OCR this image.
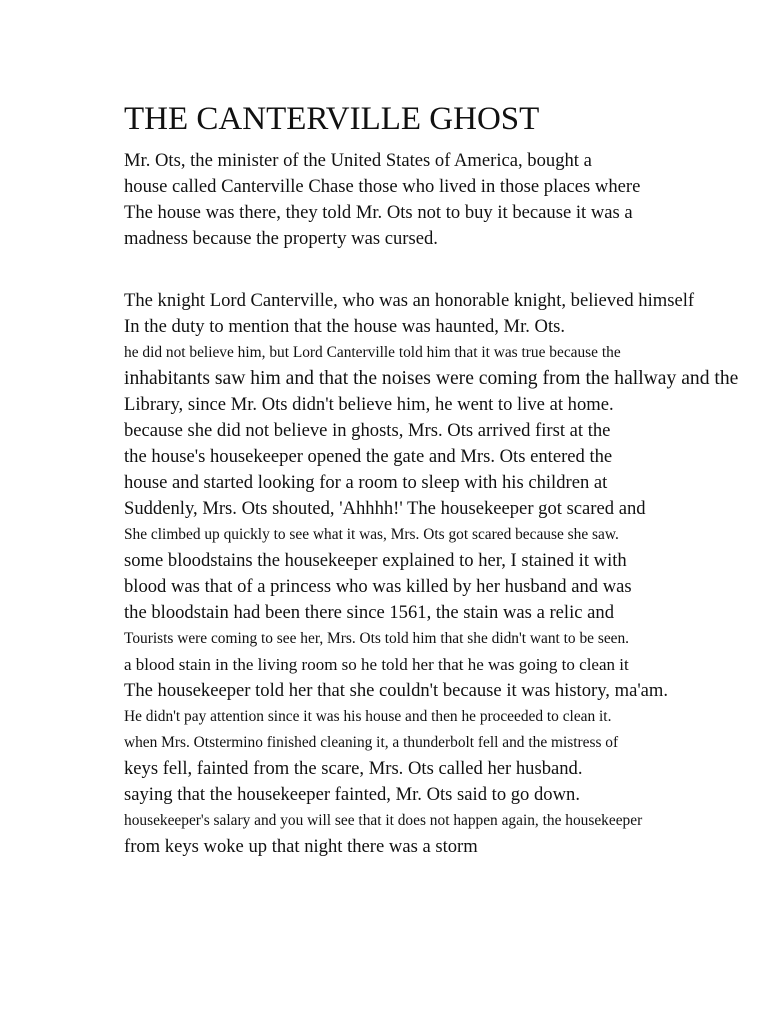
THE CANTERVILLE GHOST
Mr. Ots, the minister of the United States of America, bought a
house called Canterville Chase those who lived in those places where
The house was there, they told Mr. Ots not to buy it because it was a
madness because the property was cursed.
The knight Lord Canterville, who was an honorable knight, believed himself
In the duty to mention that the house was haunted, Mr. Ots.
he did not believe him, but Lord Canterville told him that it was true because the
inhabitants saw him and that the noises were coming from the hallway and the
Library, since Mr. Ots didn't believe him, he went to live at home.
because she did not believe in ghosts, Mrs. Ots arrived first at the
the house's housekeeper opened the gate and Mrs. Ots entered the
house and started looking for a room to sleep with his children at
Suddenly, Mrs. Ots shouted, 'Ahhhh!' The housekeeper got scared and
She climbed up quickly to see what it was, Mrs. Ots got scared because she saw.
some bloodstains the housekeeper explained to her, I stained it with
blood was that of a princess who was killed by her husband and was
the bloodstain had been there since 1561, the stain was a relic and
Tourists were coming to see her, Mrs. Ots told him that she didn't want to be seen.
a blood stain in the living room so he told her that he was going to clean it
The housekeeper told her that she couldn't because it was history, ma'am.
He didn't pay attention since it was his house and then he proceeded to clean it.
when Mrs. Otstermino finished cleaning it, a thunderbolt fell and the mistress of
keys fell, fainted from the scare, Mrs. Ots called her husband.
saying that the housekeeper fainted, Mr. Ots said to go down.
housekeeper's salary and you will see that it does not happen again, the housekeeper
from keys woke up that night there was a storm
